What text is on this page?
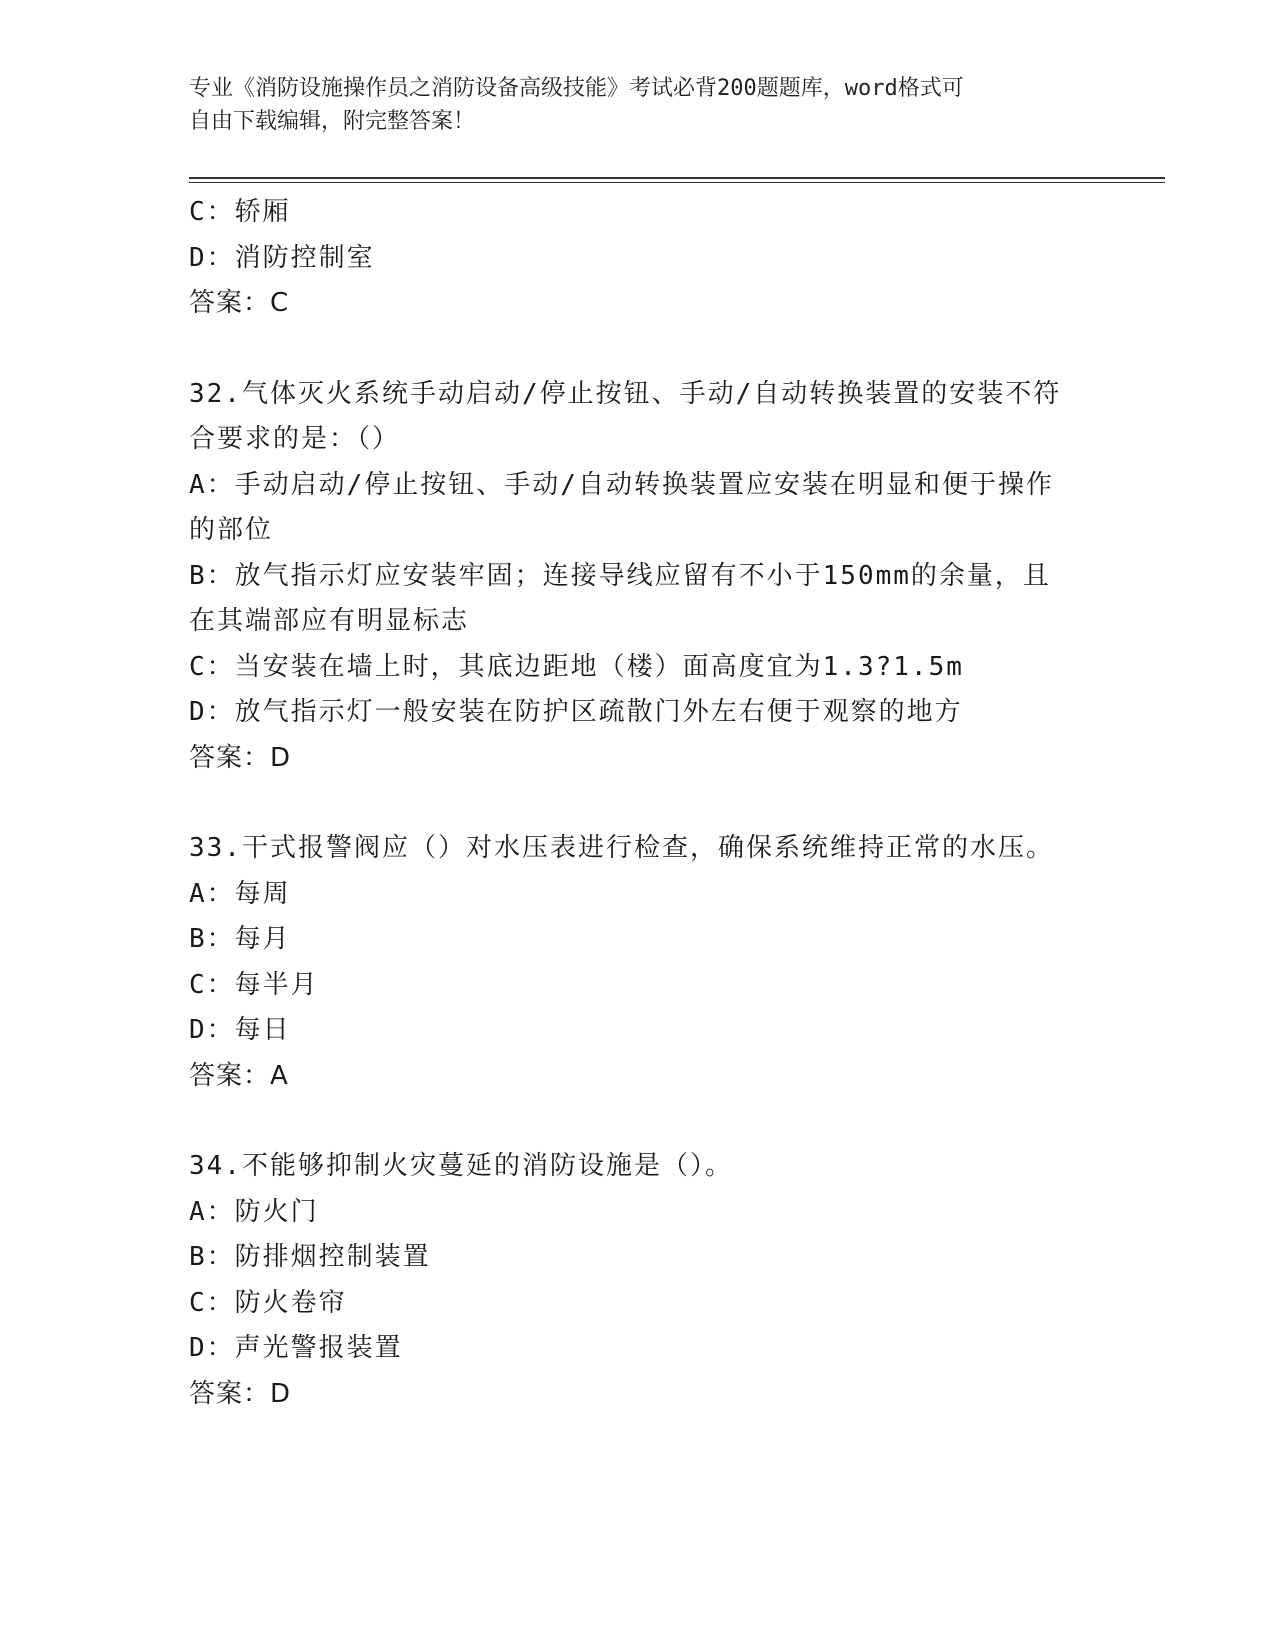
专业《消防设施操作员之消防设备高级技能》考试必背200题题库，word格式可
自由下载编辑，附完整答案！
C：轿厢
D：消防控制室
答案：C
32.气体灭火系统手动启动/停止按钮、手动/自动转换装置的安装不符
合要求的是：（）
A：手动启动/停止按钮、手动/自动转换装置应安装在明显和便于操作
的部位
B：放气指示灯应安装牢固；连接导线应留有不小于150mm的余量，且
在其端部应有明显标志
C：当安装在墙上时，其底边距地（楼）面高度宜为1.3?1.5m
D：放气指示灯一般安装在防护区疏散门外左右便于观察的地方
答案：D
33.干式报警阀应（）对水压表进行检查，确保系统维持正常的水压。
A：每周
B：每月
C：每半月
D：每日
答案：A
34.不能够抑制火灾蔓延的消防设施是（）。
A：防火门
B：防排烟控制装置
C：防火卷帘
D：声光警报装置
答案：D
